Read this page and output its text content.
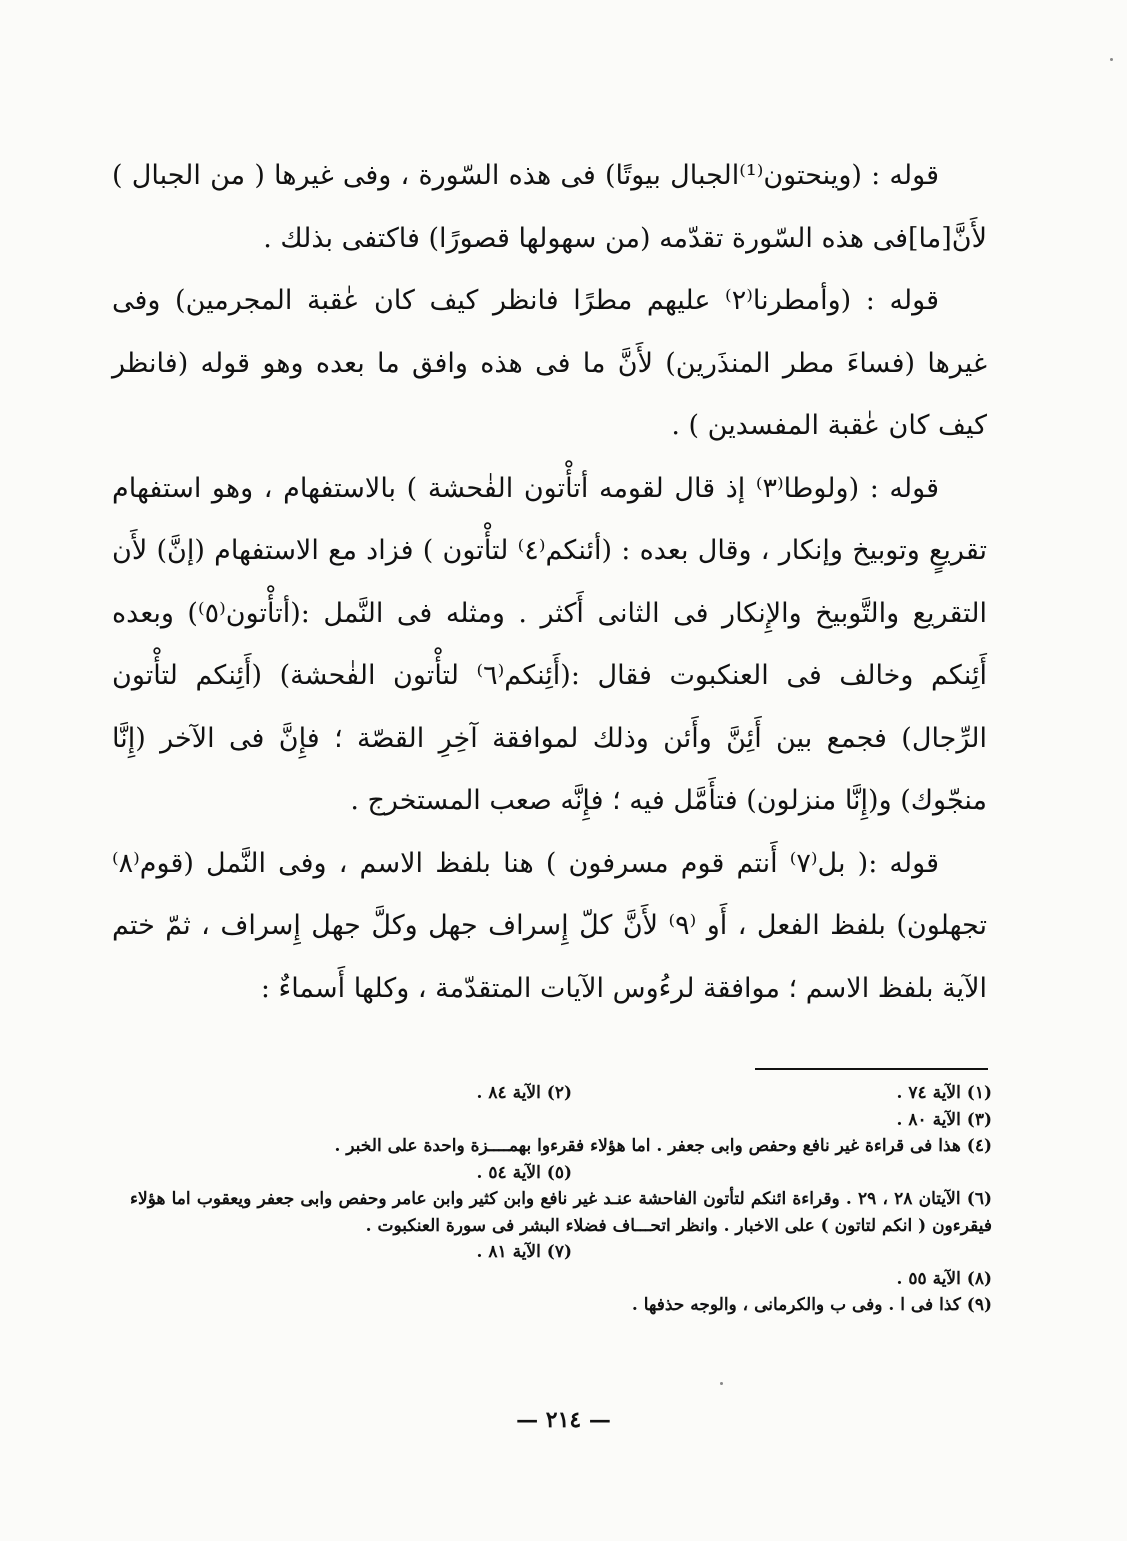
قوله : (وينحتون⁽¹⁾الجبال بيوتًا) فى هذه السّورة ، وفى غيرها ( من الجبال ) لأَنَّ[ما]فى هذه السّورة تقدّمه (من سهولها قصورًا) فاكتفى بذلك .

قوله : (وأمطرنا⁽٢⁾ عليهم مطرًا فانظر كيف كان عٰقبة المجرمين) وفى غيرها (فساءَ مطر المنذَرين) لأَنَّ ما فى هذه وافق ما بعده وهو قوله (فانظر كيف كان عٰقبة المفسدين ) .

قوله : (ولوطا⁽٣⁾ إذ قال لقومه أتأْتون الفٰحشة ) بالاستفهام ، وهو استفهام تقريعٍ وتوبيخ وإنكار ، وقال بعده : (أئنكم⁽٤⁾ لتأْتون ) فزاد مع الاستفهام (إنَّ) لأَن التقريع والتَّوبيخ والإِنكار فى الثانى أَكثر . ومثله فى النَّمل :(أتأْتون⁽٥⁾) وبعده أَئِنكم وخالف فى العنكبوت فقال :(أَئِنكم⁽٦⁾ لتأْتون الفٰحشة) (أَئِنكم لتأْتون الرِّجال) فجمع بين أَئِنَّ وأَئن وذلك لموافقة آخِرِ القصّة ؛ فإِنَّ فى الآخر (إِنَّا منجّوك) و(إِنَّا منزلون) فتأَمَّل فيه ؛ فإِنَّه صعب المستخرج .

قوله :( بل⁽٧⁾ أَنتم قوم مسرفون ) هنا بلفظ الاسم ، وفى النَّمل (قوم⁽٨⁾ تجهلون) بلفظ الفعل ، أَو ⁽٩⁾ لأَنَّ كلّ إِسراف جهل وكلَّ جهل إِسراف ، ثمّ ختم الآية بلفظ الاسم ؛ موافقة لرءُوس الآيات المتقدّمة ، وكلها أَسماءٌ :

(١) الآية ٧٤ .
(٢) الآية ٨٤ .

(٣) الآية ٨٠ .

(٤) هذا فى قراءة غير نافع وحفص وابى جعفر . اما هؤلاء فقرءوا بهمــــزة واحدة على الخبر .

(٥) الآية ٥٤ .

(٦) الآيتان ٢٨ ، ٢٩ . وقراءة ائنكم لتأتون الفاحشة عنـد غير نافع وابن كثير وابن عامر وحفص وابى جعفر ويعقوب اما هؤلاء فيقرءون ( انكم لتاتون ) على الاخبار . وانظر اتحـــاف فضلاء البشر فى سورة العنكبوت .

(٧) الآية ٨١ .

(٨) الآية ٥٥ .

(٩) كذا فى ا . وفى ب والكرمانى ، والوجه حذفها .

— ٢١٤ —
